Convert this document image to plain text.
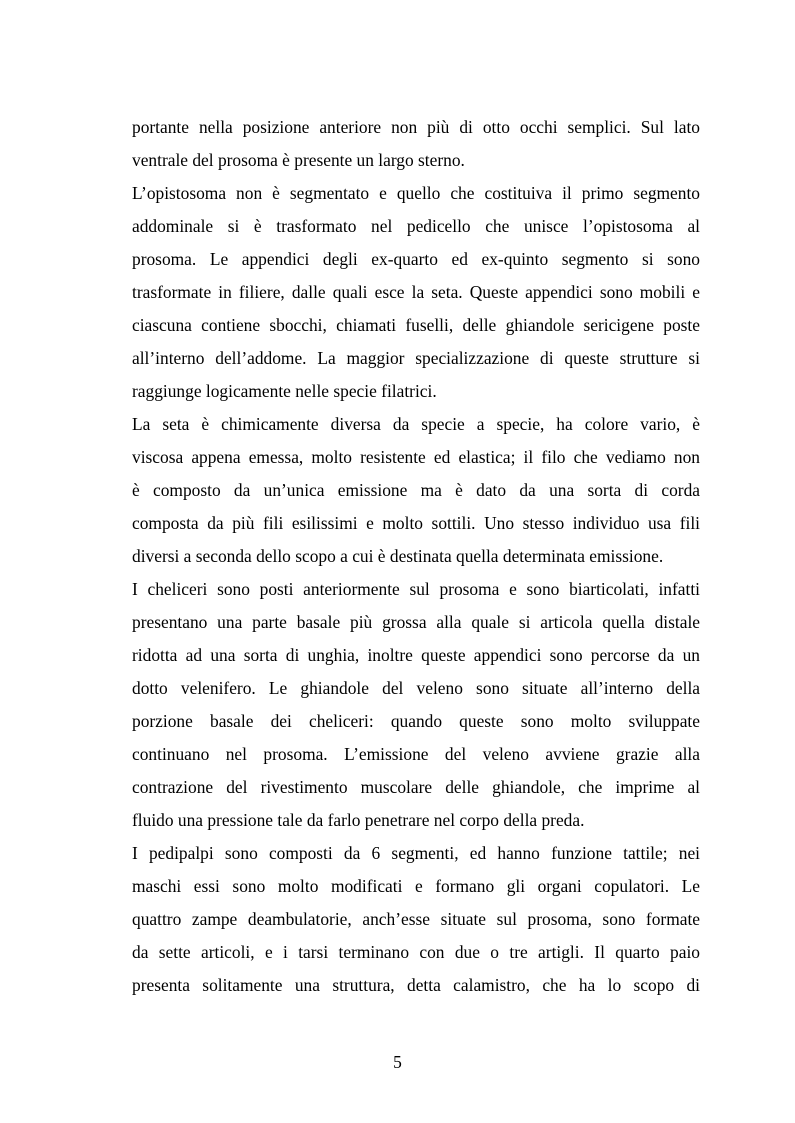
portante nella posizione anteriore non più di otto occhi semplici. Sul lato
ventrale del prosoma è presente un largo sterno.
L’opistosoma non è segmentato e quello che costituiva il primo segmento
addominale si è trasformato nel pedicello che unisce l’opistosoma al
prosoma. Le appendici degli ex-quarto ed ex-quinto segmento si sono
trasformate in filiere, dalle quali esce la seta. Queste appendici sono mobili e
ciascuna contiene sbocchi, chiamati fuselli, delle ghiandole sericigene poste
all’interno dell’addome. La maggior specializzazione di queste strutture si
raggiunge logicamente nelle specie filatrici.
La seta è chimicamente diversa da specie a specie, ha colore vario, è
viscosa appena emessa, molto resistente ed elastica; il filo che vediamo non
è composto da un’unica emissione ma è dato da una sorta di corda
composta da più fili esilissimi e molto sottili. Uno stesso individuo usa fili
diversi a seconda dello scopo a cui è destinata quella determinata emissione.
I cheliceri sono posti anteriormente sul prosoma e sono biarticolati, infatti
presentano una parte basale più grossa alla quale si articola quella distale
ridotta ad una sorta di unghia, inoltre queste appendici sono percorse da un
dotto velenifero. Le ghiandole del veleno sono situate all’interno della
porzione basale dei cheliceri: quando queste sono molto sviluppate
continuano nel prosoma. L’emissione del veleno avviene grazie alla
contrazione del rivestimento muscolare delle ghiandole, che imprime al
fluido una pressione tale da farlo penetrare nel corpo della preda.
I pedipalpi sono composti da 6 segmenti, ed hanno funzione tattile; nei
maschi essi sono molto modificati e formano gli organi copulatori. Le
quattro zampe deambulatorie, anch’esse situate sul prosoma, sono formate
da sette articoli, e i tarsi terminano con due o tre artigli. Il quarto paio
presenta solitamente una struttura, detta calamistro, che ha lo scopo di
5
